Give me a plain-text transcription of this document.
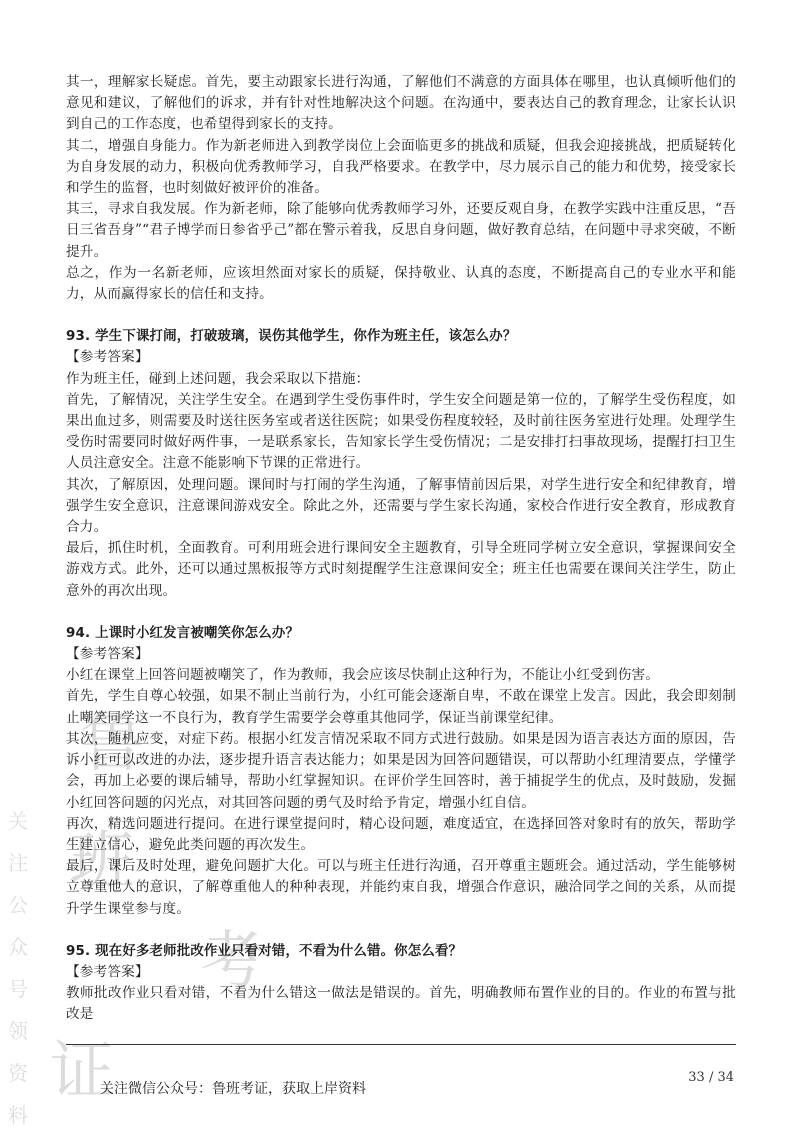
鲁
班
考
证
关
注
公
众
号
领
资
料

其一，理解家长疑虑。首先，要主动跟家长进行沟通，了解他们不满意的方面具体在哪里，也认真倾听他们的意见和建议，了解他们的诉求，并有针对性地解决这个问题。在沟通中，要表达自己的教育理念，让家长认识到自己的工作态度，也希望得到家长的支持。

其二，增强自身能力。作为新老师进入到教学岗位上会面临更多的挑战和质疑，但我会迎接挑战，把质疑转化为自身发展的动力，积极向优秀教师学习，自我严格要求。在教学中，尽力展示自己的能力和优势，接受家长和学生的监督，也时刻做好被评价的准备。

其三，寻求自我发展。作为新老师，除了能够向优秀教师学习外，还要反观自身，在教学实践中注重反思，“吾日三省吾身”“君子博学而日参省乎己”都在警示着我，反思自身问题，做好教育总结，在问题中寻求突破，不断提升。

总之，作为一名新老师，应该坦然面对家长的质疑，保持敬业、认真的态度，不断提高自己的专业水平和能力，从而赢得家长的信任和支持。

93. 学生下课打闹，打破玻璃，误伤其他学生，你作为班主任，该怎么办？

【参考答案】

作为班主任，碰到上述问题，我会采取以下措施：

首先，了解情况，关注学生安全。在遇到学生受伤事件时，学生安全问题是第一位的，了解学生受伤程度，如果出血过多，则需要及时送往医务室或者送往医院；如果受伤程度较轻，及时前往医务室进行处理。处理学生受伤时需要同时做好两件事，一是联系家长，告知家长学生受伤情况；二是安排打扫事故现场，提醒打扫卫生人员注意安全。注意不能影响下节课的正常进行。

其次，了解原因，处理问题。课间时与打闹的学生沟通，了解事情前因后果，对学生进行安全和纪律教育，增强学生安全意识，注意课间游戏安全。除此之外，还需要与学生家长沟通，家校合作进行安全教育，形成教育合力。

最后，抓住时机，全面教育。可利用班会进行课间安全主题教育，引导全班同学树立安全意识，掌握课间安全游戏方式。此外，还可以通过黑板报等方式时刻提醒学生注意课间安全；班主任也需要在课间关注学生，防止意外的再次出现。

94. 上课时小红发言被嘲笑你怎么办？

【参考答案】

小红在课堂上回答问题被嘲笑了，作为教师，我会应该尽快制止这种行为，不能让小红受到伤害。

首先，学生自尊心较强，如果不制止当前行为，小红可能会逐渐自卑，不敢在课堂上发言。因此，我会即刻制止嘲笑同学这一不良行为，教育学生需要学会尊重其他同学，保证当前课堂纪律。

其次，随机应变，对症下药。根据小红发言情况采取不同方式进行鼓励。如果是因为语言表达方面的原因，告诉小红可以改进的办法，逐步提升语言表达能力；如果是因为回答问题错误，可以帮助小红理清要点，学懂学会，再加上必要的课后辅导，帮助小红掌握知识。在评价学生回答时，善于捕捉学生的优点，及时鼓励，发掘小红回答问题的闪光点，对其回答问题的勇气及时给予肯定，增强小红自信。

再次，精选问题进行提问。在进行课堂提问时，精心设问题，难度适宜，在选择回答对象时有的放矢，帮助学生建立信心，避免此类问题的再次发生。

最后，课后及时处理，避免问题扩大化。可以与班主任进行沟通，召开尊重主题班会。通过活动，学生能够树立尊重他人的意识，了解尊重他人的种种表现，并能约束自我，增强合作意识，融洽同学之间的关系，从而提升学生课堂参与度。

95. 现在好多老师批改作业只看对错，不看为什么错。你怎么看？

【参考答案】

教师批改作业只看对错，不看为什么错这一做法是错误的。首先，明确教师布置作业的目的。作业的布置与批改是

33 / 34
关注微信公众号：鲁班考证，获取上岸资料
